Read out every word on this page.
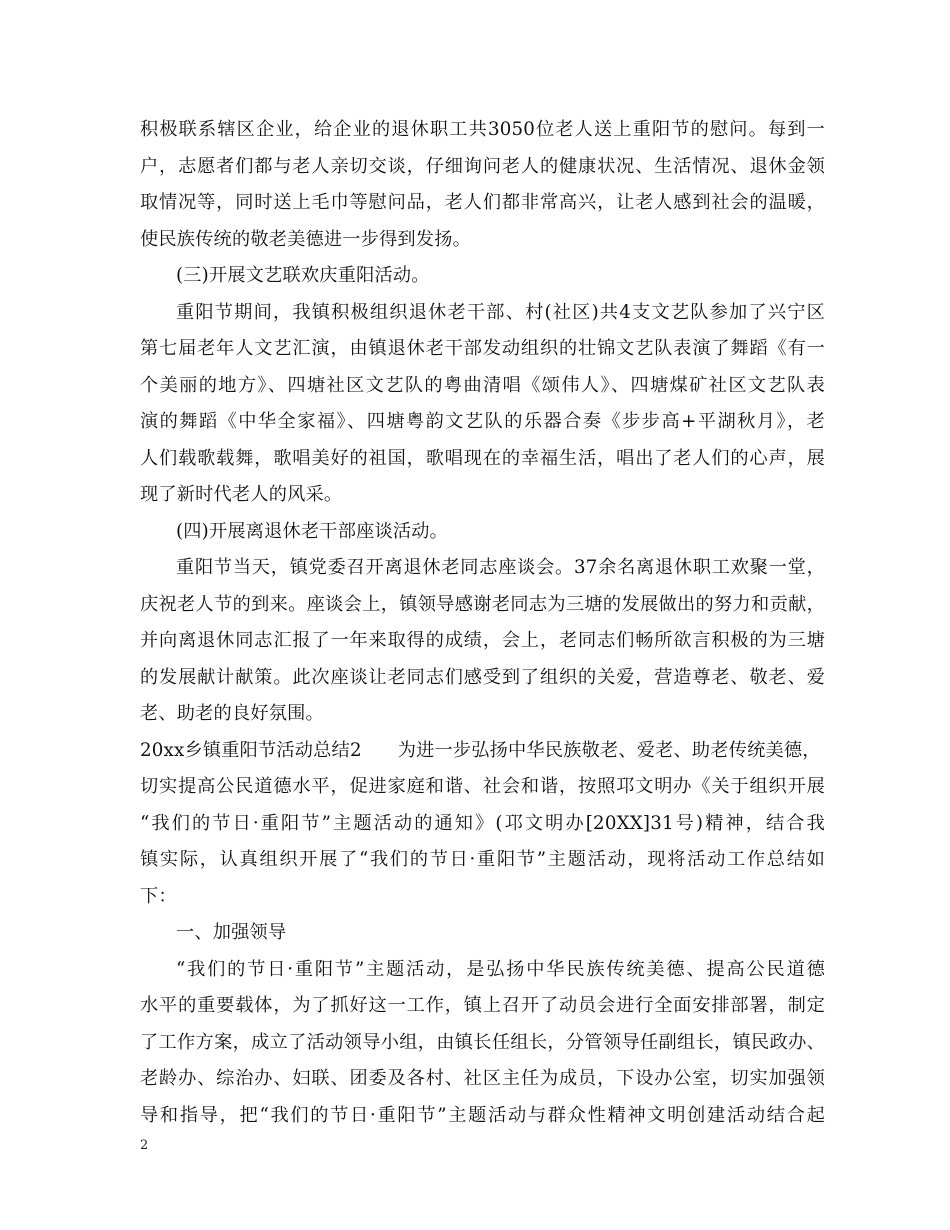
积极联系辖区企业，给企业的退休职工共3050位老人送上重阳节的慰问。每到一
户，志愿者们都与老人亲切交谈，仔细询问老人的健康状况、生活情况、退休金领
取情况等，同时送上毛巾等慰问品，老人们都非常高兴，让老人感到社会的温暖，
使民族传统的敬老美德进一步得到发扬。
(三)开展文艺联欢庆重阳活动。
重阳节期间，我镇积极组织退休老干部、村(社区)共4支文艺队参加了兴宁区
第七届老年人文艺汇演，由镇退休老干部发动组织的壮锦文艺队表演了舞蹈《有一
个美丽的地方》、四塘社区文艺队的粤曲清唱《颂伟人》、四塘煤矿社区文艺队表
演的舞蹈《中华全家福》、四塘粤韵文艺队的乐器合奏《步步高+平湖秋月》，老
人们载歌载舞，歌唱美好的祖国，歌唱现在的幸福生活，唱出了老人们的心声，展
现了新时代老人的风采。
(四)开展离退休老干部座谈活动。
重阳节当天，镇党委召开离退休老同志座谈会。37余名离退休职工欢聚一堂，
庆祝老人节的到来。座谈会上，镇领导感谢老同志为三塘的发展做出的努力和贡献，
并向离退休同志汇报了一年来取得的成绩，会上，老同志们畅所欲言积极的为三塘
的发展献计献策。此次座谈让老同志们感受到了组织的关爱，营造尊老、敬老、爱
老、助老的良好氛围。
20xx乡镇重阳节活动总结2 为进一步弘扬中华民族敬老、爱老、助老传统美德，
切实提高公民道德水平，促进家庭和谐、社会和谐，按照邛文明办《关于组织开展
“我们的节日·重阳节”主题活动的通知》(邛文明办[20XX]31号)精神，结合我
镇实际，认真组织开展了“我们的节日·重阳节”主题活动，现将活动工作总结如
下：
一、加强领导
“我们的节日·重阳节”主题活动，是弘扬中华民族传统美德、提高公民道德
水平的重要载体，为了抓好这一工作，镇上召开了动员会进行全面安排部署，制定
了工作方案，成立了活动领导小组，由镇长任组长，分管领导任副组长，镇民政办、
老龄办、综治办、妇联、团委及各村、社区主任为成员，下设办公室，切实加强领
导和指导，把“我们的节日·重阳节”主题活动与群众性精神文明创建活动结合起
2
